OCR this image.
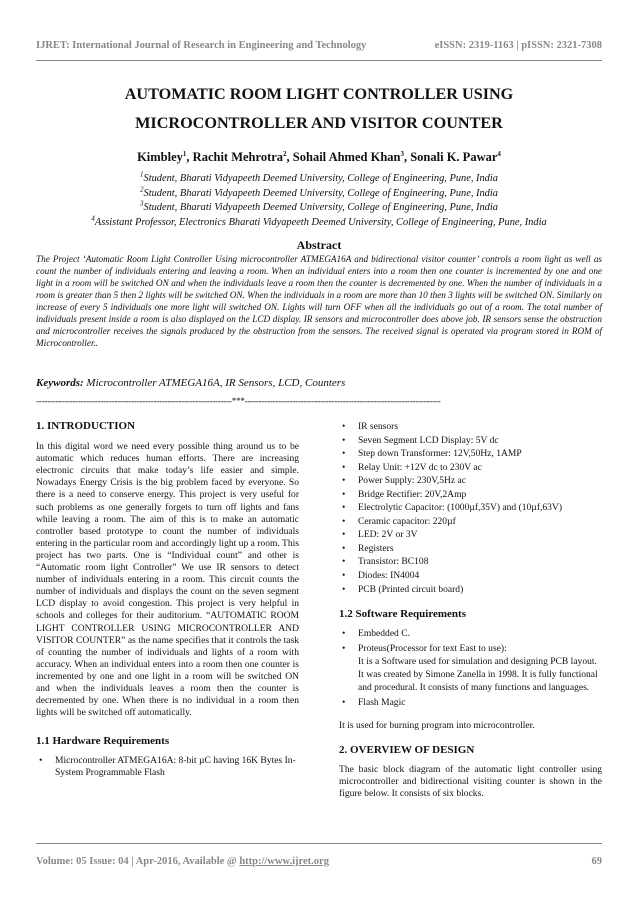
IJRET: International Journal of Research in Engineering and Technology	eISSN: 2319-1163 | pISSN: 2321-7308
AUTOMATIC ROOM LIGHT CONTROLLER USING
MICROCONTROLLER AND VISITOR COUNTER
Kimbley$^1$, Rachit Mehrotra$^2$, Sohail Ahmed Khan$^3$, Sonali K. Pawar$^4$
$^1$Student, Bharati Vidyapeeth Deemed University, College of Engineering, Pune, India
$^2$Student, Bharati Vidyapeeth Deemed University, College of Engineering, Pune, India
$^3$Student, Bharati Vidyapeeth Deemed University, College of Engineering, Pune, India
$^4$Assistant Professor, Electronics Bharati Vidyapeeth Deemed University, College of Engineering, Pune, India
Abstract
The Project ‘Automatic Room Light Controller Using microcontroller ATMEGA16A and bidirectional visitor counter’ controls a room light as well as count the number of individuals entering and leaving a room. When an individual enters into a room then one counter is incremented by one and one light in a room will be switched ON and when the individuals leave a room then the counter is decremented by one. When the number of individuals in a room is greater than 5 then 2 lights will be switched ON. When the individuals in a room are more than 10 then 3 lights will be switched ON. Similarly on increase of every 5 individuals one more light will switched ON. Lights will turn OFF when all the individuals go out of a room. The total number of individuals present inside a room is also displayed on the LCD display. IR sensors and microcontroller does above job. IR sensors sense the obstruction and microcontroller receives the signals produced by the obstruction from the sensors. The received signal is operated via program stored in ROM of Microcontroller..
Keywords: Microcontroller ATMEGA16A, IR Sensors, LCD, Counters
----------------------------------------------------------------------***----------------------------------------------------------------------
1. INTRODUCTION

In this digital word we need every possible thing around us to be automatic which reduces human efforts. There are increasing electronic circuits that make today’s life easier and simple. Nowadays Energy Crisis is the big problem faced by everyone. So there is a need to conserve energy. This project is very useful for such problems as one generally forgets to turn off lights and fans while leaving a room. The aim of this is to make an automatic controller based prototype to count the number of individuals entering in the particular room and accordingly light up a room. This project has two parts. One is “Individual count” and other is “Automatic room light Controller” We use IR sensors to detect number of individuals entering in a room. This circuit counts the number of individuals and displays the count on the seven segment LCD display to avoid congestion. This project is very helpful in schools and colleges for their auditorium. “AUTOMATIC ROOM LIGHT CONTROLLER USING MICROCONTROLLER AND VISITOR COUNTER” as the name specifies that it controls the task of counting the number of individuals and lights of a room with accuracy. When an individual enters into a room then one counter is incremented by one and one light in a room will be switched ON and when the individuals leaves a room then the counter is decremented by one. When there is no individual in a room then lights will be switched off automatically.

1.1 Hardware Requirements
• Microcontroller ATMEGA16A: 8-bit µC having 16K Bytes In-System Programmable Flash
• IR sensors
• Seven Segment LCD Display: 5V dc
• Step down Transformer: 12V,50Hz, 1AMP
• Relay Unit: +12V dc to 230V ac
• Power Supply: 230V,5Hz ac
• Bridge Rectifier: 20V,2Amp
• Electrolytic Capacitor: (1000µf,35V) and (10µf,63V)
• Ceramic capacitor: 220µf
• LED: 2V or 3V
• Registers
• Transistor: BC108
• Diodes: IN4004
• PCB (Printed circuit board)
1.2 Software Requirements
• Embedded C.
• Proteus(Processor for text East to use):
It is a Software used for simulation and designing PCB layout. It was created by Simone Zanella in 1998. It is fully functional and procedural. It consists of many functions and languages.
• Flash Magic

It is used for burning program into microcontroller.

2. OVERVIEW OF DESIGN

The basic block diagram of the automatic light controller using microcontroller and bidirectional visiting counter is shown in the figure below. It consists of six blocks.

Volume: 05 Issue: 04 | Apr-2016, Available @ http://www.ijret.org	69
